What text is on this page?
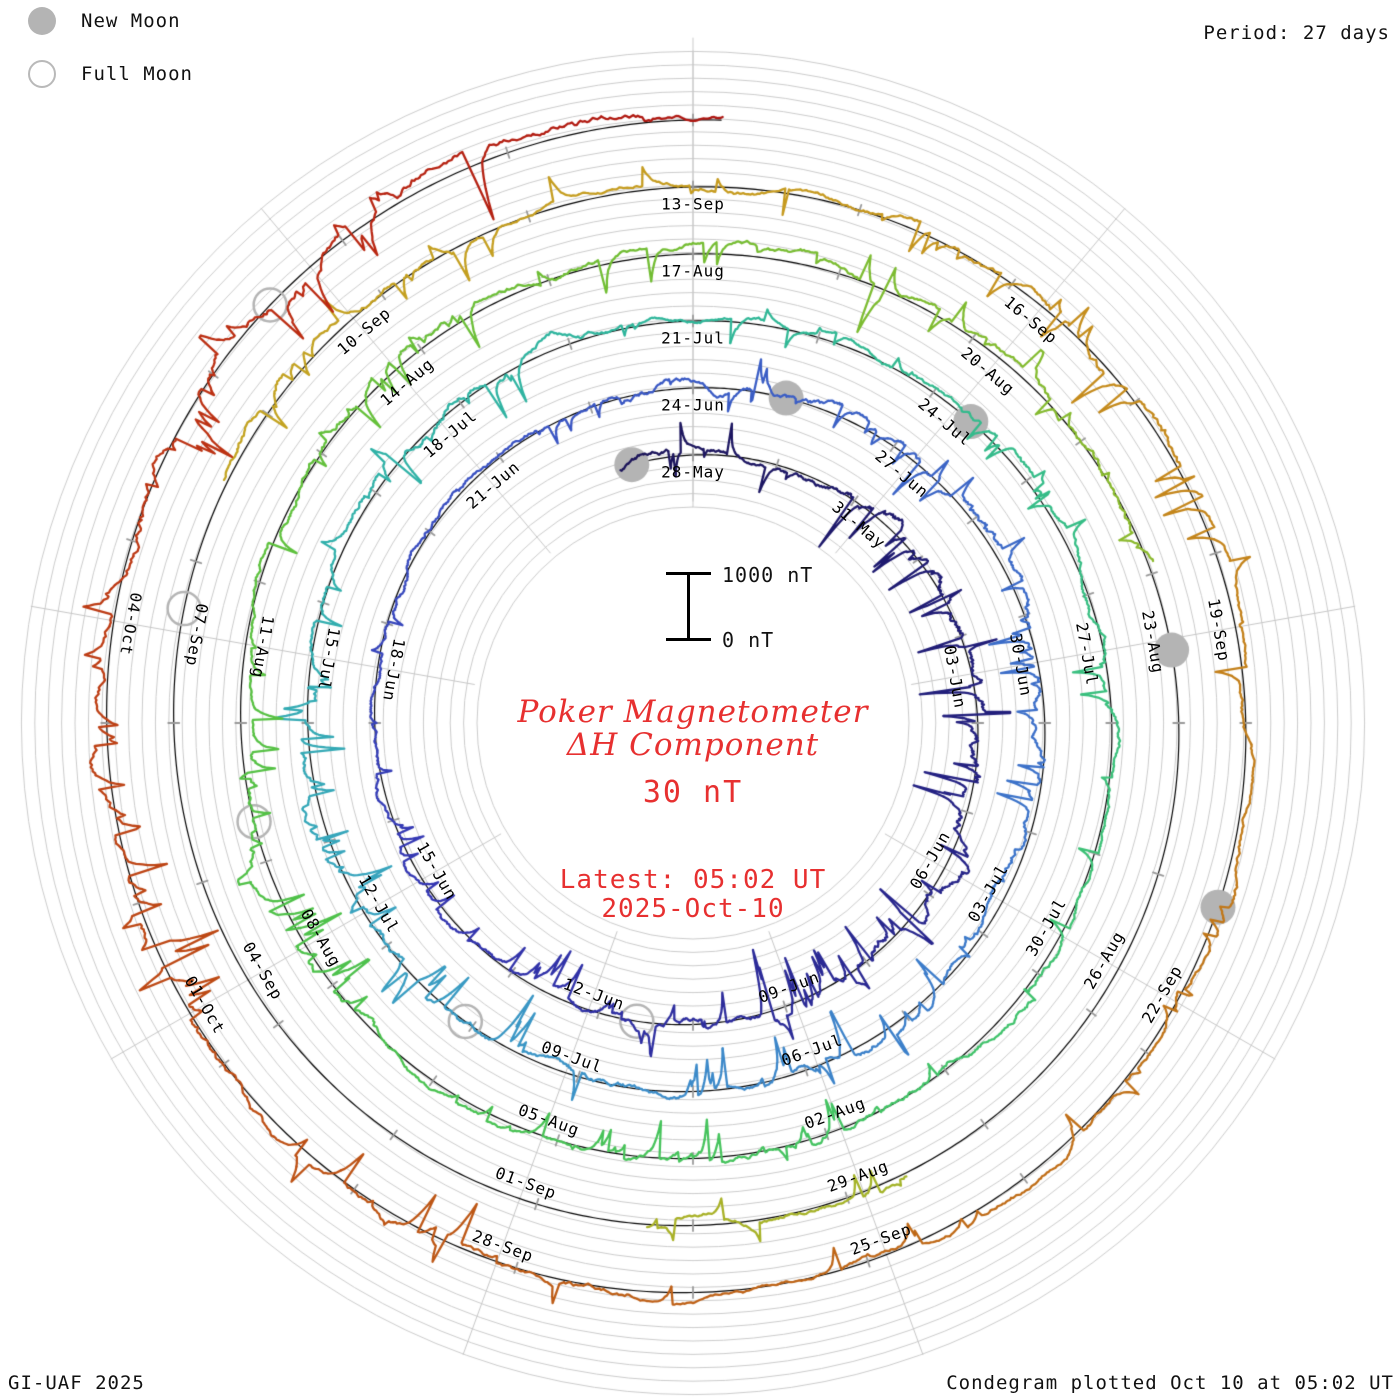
New Moon
Full Moon
Period: 27 days
Poker Magnetometer
ΔH Component
30 nT
Latest: 05:02 UT
2025-Oct-10
1000 nT
0 nT
28-May
31-May
03-Jun
06-Jun
09-Jun
12-Jun
15-Jun
18-Jun
21-Jun
24-Jun
27-Jun
30-Jun
03-Jul
06-Jul
09-Jul
12-Jul
15-Jul
18-Jul
21-Jul
24-Jul
27-Jul
30-Jul
02-Aug
05-Aug
08-Aug
11-Aug
14-Aug
17-Aug
20-Aug
23-Aug
26-Aug
29-Aug
01-Sep
04-Sep
07-Sep
10-Sep
13-Sep
16-Sep
19-Sep
22-Sep
25-Sep
28-Sep
01-Oct
04-Oct
GI-UAF 2025	Condegram plotted Oct 10 at 05:02 UT
